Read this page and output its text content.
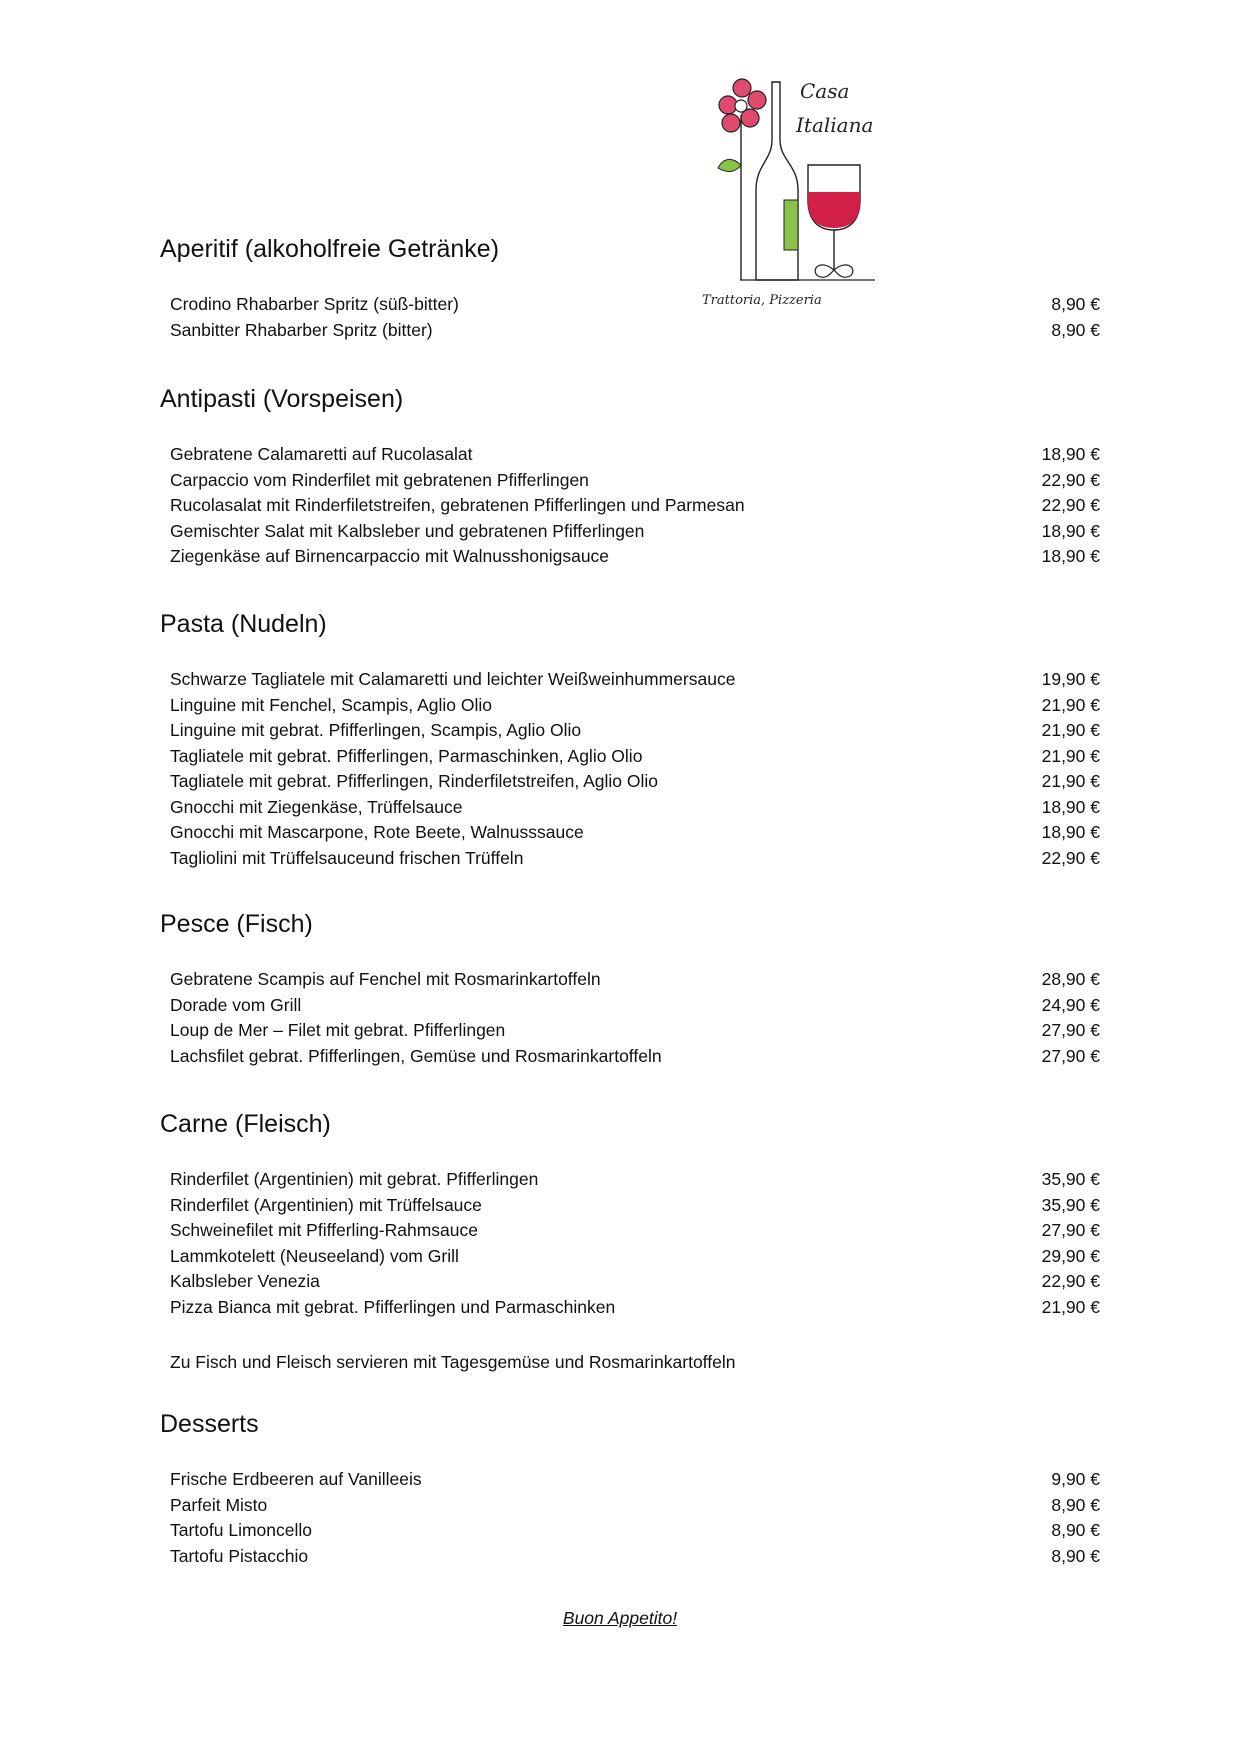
Casa
Italiana
Trattoria, Pizzeria
Aperitif (alkoholfreie Getränke)
Crodino Rhabarber Spritz (süß-bitter)	8,90 €
Sanbitter Rhabarber Spritz (bitter)	8,90 €
Antipasti (Vorspeisen)
Gebratene Calamaretti auf Rucolasalat	18,90 €
Carpaccio vom Rinderfilet mit gebratenen Pfifferlingen	22,90 €
Rucolasalat mit Rinderfiletstreifen, gebratenen Pfifferlingen und Parmesan	22,90 €
Gemischter Salat mit Kalbsleber und gebratenen Pfifferlingen	18,90 €
Ziegenkäse auf Birnencarpaccio mit Walnusshonigsauce	18,90 €
Pasta (Nudeln)
Schwarze Tagliatele mit Calamaretti und leichter Weißweinhummersauce	19,90 €
Linguine mit Fenchel, Scampis, Aglio Olio	21,90 €
Linguine mit gebrat. Pfifferlingen, Scampis, Aglio Olio	21,90 €
Tagliatele mit gebrat. Pfifferlingen, Parmaschinken, Aglio Olio	21,90 €
Tagliatele mit gebrat. Pfifferlingen, Rinderfiletstreifen, Aglio Olio	21,90 €
Gnocchi mit Ziegenkäse, Trüffelsauce	18,90 €
Gnocchi mit Mascarpone, Rote Beete, Walnusssauce	18,90 €
Tagliolini mit Trüffelsauceund frischen Trüffeln	22,90 €
Pesce (Fisch)
Gebratene Scampis auf Fenchel mit Rosmarinkartoffeln	28,90 €
Dorade vom Grill	24,90 €
Loup de Mer – Filet mit gebrat. Pfifferlingen	27,90 €
Lachsfilet gebrat. Pfifferlingen, Gemüse und Rosmarinkartoffeln	27,90 €
Carne (Fleisch)
Rinderfilet (Argentinien) mit gebrat. Pfifferlingen	35,90 €
Rinderfilet (Argentinien) mit Trüffelsauce	35,90 €
Schweinefilet mit Pfifferling-Rahmsauce	27,90 €
Lammkotelett (Neuseeland) vom Grill	29,90 €
Kalbsleber Venezia	22,90 €
Pizza Bianca mit gebrat. Pfifferlingen und Parmaschinken	21,90 €
Zu Fisch und Fleisch servieren mit Tagesgemüse und Rosmarinkartoffeln
Desserts
Frische Erdbeeren auf Vanilleeis	9,90 €
Parfeit Misto	8,90 €
Tartofu Limoncello	8,90 €
Tartofu Pistacchio	8,90 €
Buon Appetito!
